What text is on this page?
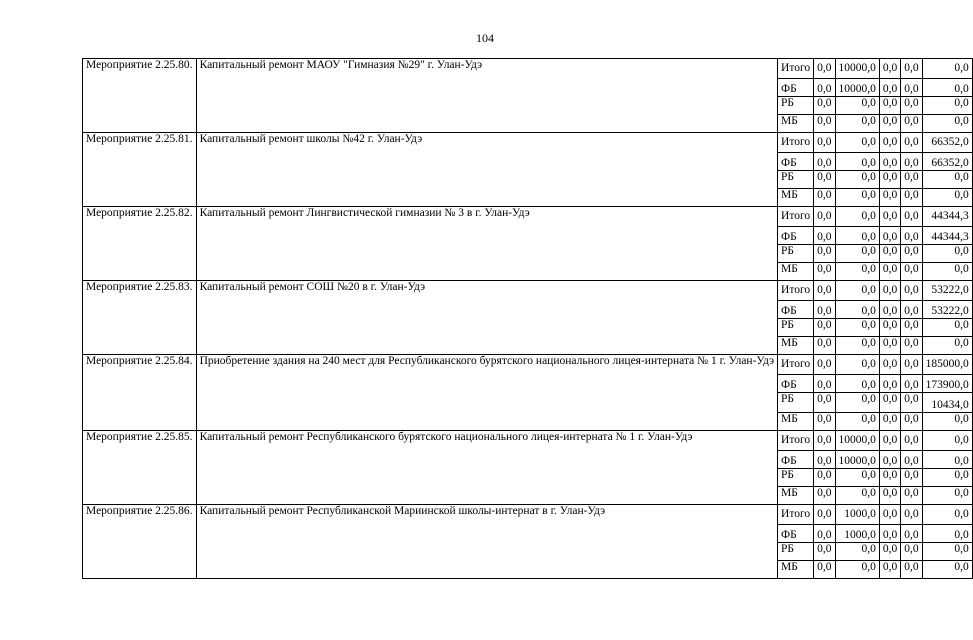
104
Мероприятие 2.25.80.	Капитальный ремонт МАОУ "Гимназия №29" г. Улан-Удэ	Итого	0,0	10000,0	0,0	0,0	0,0
		ФБ	0,0	10000,0	0,0	0,0	0,0
		РБ	0,0	0,0	0,0	0,0	0,0
		МБ	0,0	0,0	0,0	0,0	0,0
Мероприятие 2.25.81.	Капитальный ремонт школы №42 г. Улан-Удэ	Итого	0,0	0,0	0,0	0,0	66352,0
		ФБ	0,0	0,0	0,0	0,0	66352,0
		РБ	0,0	0,0	0,0	0,0	0,0
		МБ	0,0	0,0	0,0	0,0	0,0
Мероприятие 2.25.82.	Капитальный ремонт Лингвистической гимназии № 3 в г. Улан-Удэ	Итого	0,0	0,0	0,0	0,0	44344,3
		ФБ	0,0	0,0	0,0	0,0	44344,3
		РБ	0,0	0,0	0,0	0,0	0,0
		МБ	0,0	0,0	0,0	0,0	0,0
Мероприятие 2.25.83.	Капитальный ремонт СОШ №20 в г. Улан-Удэ	Итого	0,0	0,0	0,0	0,0	53222,0
		ФБ	0,0	0,0	0,0	0,0	53222,0
		РБ	0,0	0,0	0,0	0,0	0,0
		МБ	0,0	0,0	0,0	0,0	0,0
Мероприятие 2.25.84.	Приобретение здания на 240 мест для Республиканского бурятского национального лицея-интерната № 1 г. Улан-Удэ	Итого	0,0	0,0	0,0	0,0	185000,0
		ФБ	0,0	0,0	0,0	0,0	173900,0
		РБ	0,0	0,0	0,0	0,0	10434,0
		МБ	0,0	0,0	0,0	0,0	0,0
Мероприятие 2.25.85.	Капитальный ремонт Республиканского бурятского национального лицея-интерната № 1 г. Улан-Удэ	Итого	0,0	10000,0	0,0	0,0	0,0
		ФБ	0,0	10000,0	0,0	0,0	0,0
		РБ	0,0	0,0	0,0	0,0	0,0
		МБ	0,0	0,0	0,0	0,0	0,0
Мероприятие 2.25.86.	Капитальный ремонт Республиканской Мариинской школы-интернат в г. Улан-Удэ	Итого	0,0	1000,0	0,0	0,0	0,0
		ФБ	0,0	1000,0	0,0	0,0	0,0
		РБ	0,0	0,0	0,0	0,0	0,0
		МБ	0,0	0,0	0,0	0,0	0,0
